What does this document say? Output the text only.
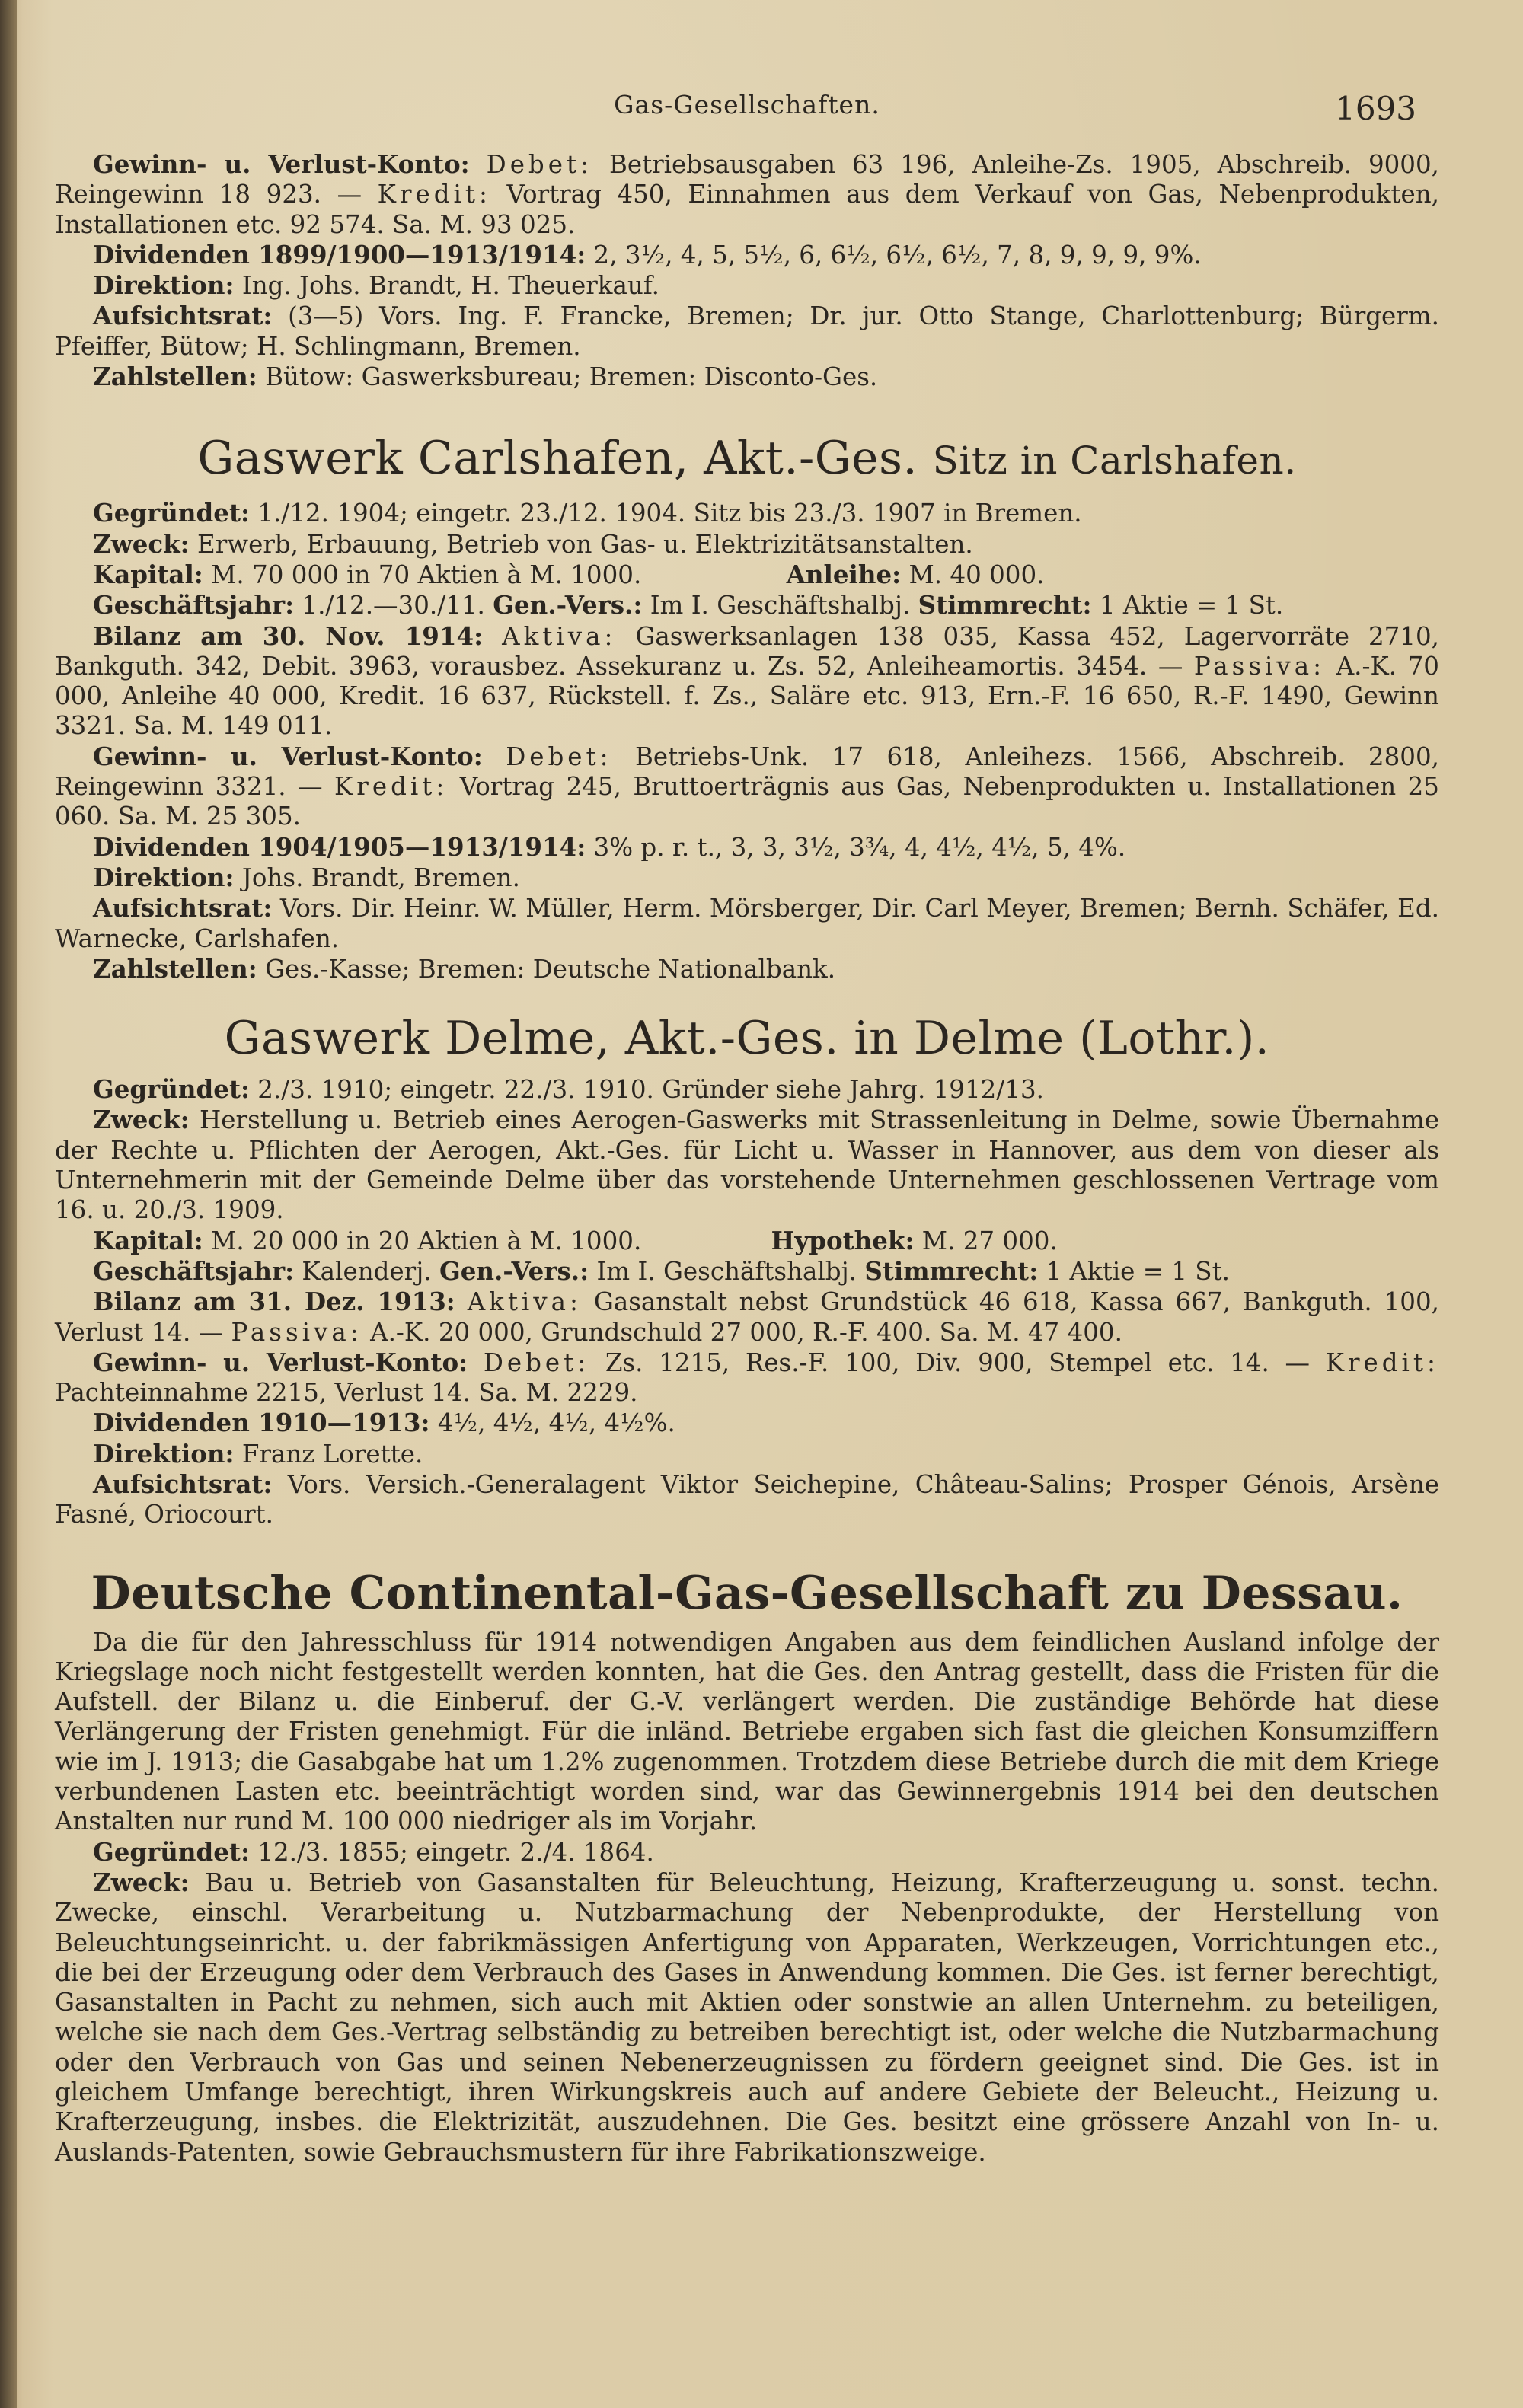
Gas-Gesellschaften.	1693

Gewinn- u. Verlust-Konto: Debet: Betriebsausgaben 63 196, Anleihe-Zs. 1905, Abschreib. 9000, Reingewinn 18 923. — Kredit: Vortrag 450, Einnahmen aus dem Verkauf von Gas, Nebenprodukten, Installationen etc. 92 574. Sa. M. 93 025.

Dividenden 1899/1900—1913/1914: 2, 3½, 4, 5, 5½, 6, 6½, 6½, 6½, 7, 8, 9, 9, 9, 9%.

Direktion: Ing. Johs. Brandt, H. Theuerkauf.

Aufsichtsrat: (3—5) Vors. Ing. F. Francke, Bremen; Dr. jur. Otto Stange, Charlottenburg; Bürgerm. Pfeiffer, Bütow; H. Schlingmann, Bremen.

Zahlstellen: Bütow: Gaswerksbureau; Bremen: Disconto-Ges.

Gaswerk Carlshafen, Akt.-Ges. Sitz in Carlshafen.

Gegründet: 1./12. 1904; eingetr. 23./12. 1904. Sitz bis 23./3. 1907 in Bremen.

Zweck: Erwerb, Erbauung, Betrieb von Gas- u. Elektrizitätsanstalten.

Kapital: M. 70 000 in 70 Aktien à M. 1000.	Anleihe: M. 40 000.

Geschäftsjahr: 1./12.—30./11. Gen.-Vers.: Im I. Geschäftshalbj. Stimmrecht: 1 Aktie = 1 St.

Bilanz am 30. Nov. 1914: Aktiva: Gaswerksanlagen 138 035, Kassa 452, Lagervorräte 2710, Bankguth. 342, Debit. 3963, vorausbez. Assekuranz u. Zs. 52, Anleiheamortis. 3454. — Passiva: A.-K. 70 000, Anleihe 40 000, Kredit. 16 637, Rückstell. f. Zs., Saläre etc. 913, Ern.-F. 16 650, R.-F. 1490, Gewinn 3321. Sa. M. 149 011.

Gewinn- u. Verlust-Konto: Debet: Betriebs-Unk. 17 618, Anleihezs. 1566, Abschreib. 2800, Reingewinn 3321. — Kredit: Vortrag 245, Bruttoerträgnis aus Gas, Nebenprodukten u. Installationen 25 060. Sa. M. 25 305.

Dividenden 1904/1905—1913/1914: 3% p. r. t., 3, 3, 3½, 3¾, 4, 4½, 4½, 5, 4%.

Direktion: Johs. Brandt, Bremen.

Aufsichtsrat: Vors. Dir. Heinr. W. Müller, Herm. Mörsberger, Dir. Carl Meyer, Bremen; Bernh. Schäfer, Ed. Warnecke, Carlshafen.

Zahlstellen: Ges.-Kasse; Bremen: Deutsche Nationalbank.

Gaswerk Delme, Akt.-Ges. in Delme (Lothr.).

Gegründet: 2./3. 1910; eingetr. 22./3. 1910. Gründer siehe Jahrg. 1912/13.

Zweck: Herstellung u. Betrieb eines Aerogen-Gaswerks mit Strassenleitung in Delme, sowie Übernahme der Rechte u. Pflichten der Aerogen, Akt.-Ges. für Licht u. Wasser in Hannover, aus dem von dieser als Unternehmerin mit der Gemeinde Delme über das vorstehende Unternehmen geschlossenen Vertrage vom 16. u. 20./3. 1909.

Kapital: M. 20 000 in 20 Aktien à M. 1000.	Hypothek: M. 27 000.

Geschäftsjahr: Kalenderj. Gen.-Vers.: Im I. Geschäftshalbj. Stimmrecht: 1 Aktie = 1 St.

Bilanz am 31. Dez. 1913: Aktiva: Gasanstalt nebst Grundstück 46 618, Kassa 667, Bankguth. 100, Verlust 14. — Passiva: A.-K. 20 000, Grundschuld 27 000, R.-F. 400. Sa. M. 47 400.

Gewinn- u. Verlust-Konto: Debet: Zs. 1215, Res.-F. 100, Div. 900, Stempel etc. 14. — Kredit: Pachteinnahme 2215, Verlust 14. Sa. M. 2229.

Dividenden 1910—1913: 4½, 4½, 4½, 4½%.

Direktion: Franz Lorette.

Aufsichtsrat: Vors. Versich.-Generalagent Viktor Seichepine, Château-Salins; Prosper Génois, Arsène Fasné, Oriocourt.

Deutsche Continental-Gas-Gesellschaft zu Dessau.

Da die für den Jahresschluss für 1914 notwendigen Angaben aus dem feindlichen Ausland infolge der Kriegslage noch nicht festgestellt werden konnten, hat die Ges. den Antrag gestellt, dass die Fristen für die Aufstell. der Bilanz u. die Einberuf. der G.-V. verlängert werden. Die zuständige Behörde hat diese Verlängerung der Fristen genehmigt. Für die inländ. Betriebe ergaben sich fast die gleichen Konsumziffern wie im J. 1913; die Gasabgabe hat um 1.2% zugenommen. Trotzdem diese Betriebe durch die mit dem Kriege verbundenen Lasten etc. beeinträchtigt worden sind, war das Gewinnergebnis 1914 bei den deutschen Anstalten nur rund M. 100 000 niedriger als im Vorjahr.

Gegründet: 12./3. 1855; eingetr. 2./4. 1864.

Zweck: Bau u. Betrieb von Gasanstalten für Beleuchtung, Heizung, Krafterzeugung u. sonst. techn. Zwecke, einschl. Verarbeitung u. Nutzbarmachung der Nebenprodukte, der Herstellung von Beleuchtungseinricht. u. der fabrikmässigen Anfertigung von Apparaten, Werkzeugen, Vorrichtungen etc., die bei der Erzeugung oder dem Verbrauch des Gases in Anwendung kommen. Die Ges. ist ferner berechtigt, Gasanstalten in Pacht zu nehmen, sich auch mit Aktien oder sonstwie an allen Unternehm. zu beteiligen, welche sie nach dem Ges.-Vertrag selbständig zu betreiben berechtigt ist, oder welche die Nutzbarmachung oder den Verbrauch von Gas und seinen Nebenerzeugnissen zu fördern geeignet sind. Die Ges. ist in gleichem Umfange berechtigt, ihren Wirkungskreis auch auf andere Gebiete der Beleucht., Heizung u. Krafterzeugung, insbes. die Elektrizität, auszudehnen. Die Ges. besitzt eine grössere Anzahl von In- u. Auslands-Patenten, sowie Gebrauchsmustern für ihre Fabrikationszweige.
